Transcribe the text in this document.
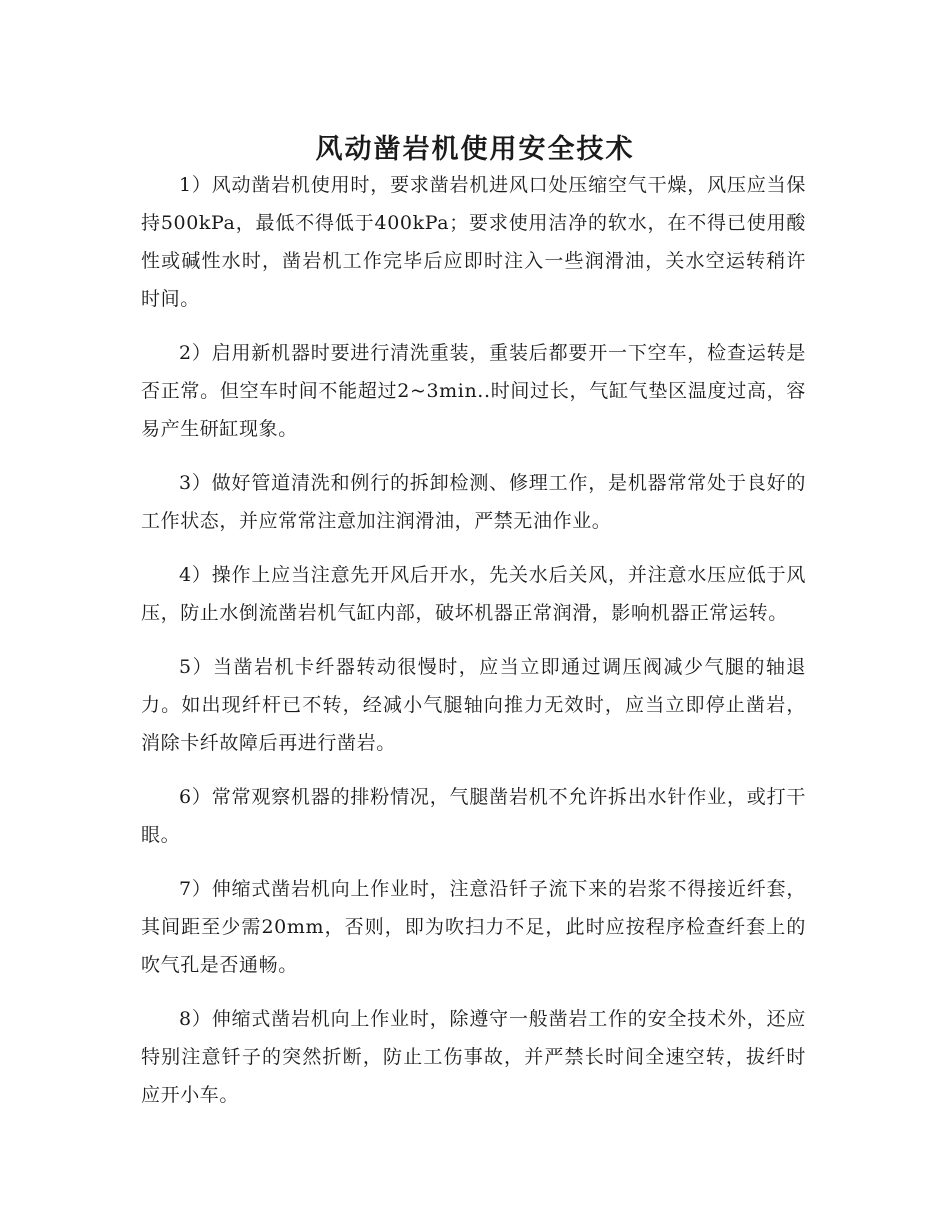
风动凿岩机使用安全技术

1）风动凿岩机使用时，要求凿岩机进风口处压缩空气干燥，风压应当保持500kPa，最低不得低于400kPa；要求使用洁净的软水，在不得已使用酸性或碱性水时，凿岩机工作完毕后应即时注入一些润滑油，关水空运转稍许时间。

2）启用新机器时要进行清洗重装，重装后都要开一下空车，检查运转是否正常。但空车时间不能超过2~3min..时间过长，气缸气垫区温度过高，容易产生研缸现象。

3）做好管道清洗和例行的拆卸检测、修理工作，是机器常常处于良好的工作状态，并应常常注意加注润滑油，严禁无油作业。

4）操作上应当注意先开风后开水，先关水后关风，并注意水压应低于风压，防止水倒流凿岩机气缸内部，破坏机器正常润滑，影响机器正常运转。

5）当凿岩机卡纤器转动很慢时，应当立即通过调压阀减少气腿的轴退力。如出现纤杆已不转，经减小气腿轴向推力无效时，应当立即停止凿岩，消除卡纤故障后再进行凿岩。

6）常常观察机器的排粉情况，气腿凿岩机不允许拆出水针作业，或打干眼。

7）伸缩式凿岩机向上作业时，注意沿钎子流下来的岩浆不得接近纤套，其间距至少需20mm，否则，即为吹扫力不足，此时应按程序检查纤套上的吹气孔是否通畅。

8）伸缩式凿岩机向上作业时，除遵守一般凿岩工作的安全技术外，还应特别注意钎子的突然折断，防止工伤事故，并严禁长时间全速空转，拔纤时应开小车。
